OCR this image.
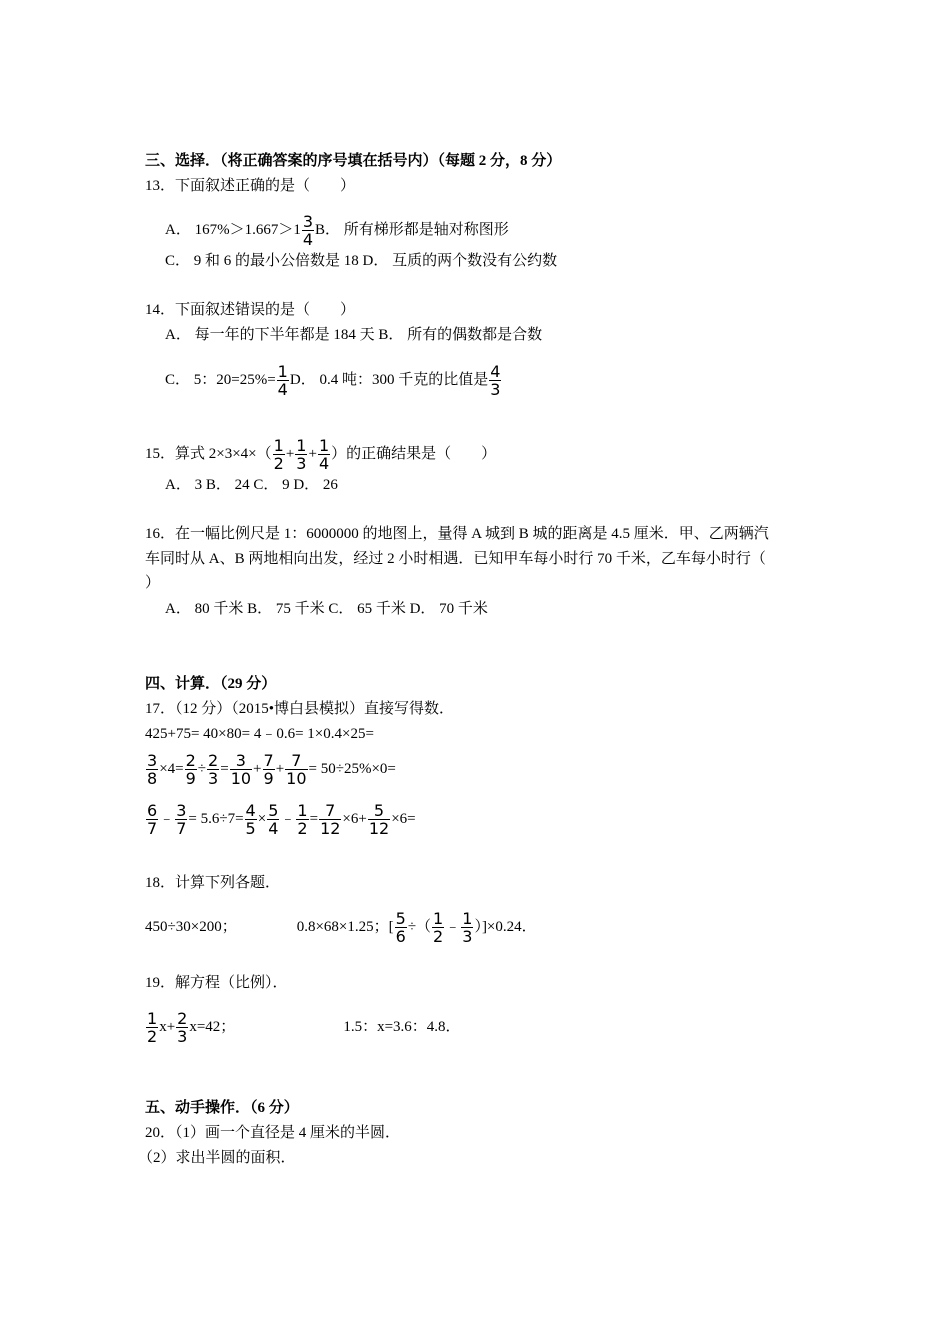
三、选择．（将正确答案的序号填在括号内）（每题 2 分，8 分）
13．下面叙述正确的是（　　）
A． $167\%>1.667>1 \frac{3}{4}$ B． 所有梯形都是轴对称图形
C． 9 和 6 的最小公倍数是 18 D． 互质的两个数没有公约数
14．下面叙述错误的是（　　）
A． 每一年的下半年都是 184 天 B． 所有的偶数都是合数
C． 5：$20=25\%= \frac{1}{4}$ D． 0.4 吨：300 千克的比值是 $\frac{4}{3}$
15．算式 $2\times 3\times 4\times( \frac{1}{2} + \frac{1}{3} + \frac{1}{4}$ ）的正确结果是（　　）
A． 3 B． 24 C． 9 D． 26
16．在一幅比例尺是 1：6000000 的地图上，量得 A 城到 B 城的距离是 4.5 厘米．甲、乙两辆汽
车同时从 A、B 两地相向出发，经过 2 小时相遇．已知甲车每小时行 70 千米，乙车每小时行（
）
A． 80 千米 B． 75 千米 C． 65 千米 D． 70 千米
四、计算．（29 分）
17．（12 分）（2015•博白县模拟）直接写得数．
425+75= 40×80= 4﹣0.6= 1×0.4×25=
$\frac{3}{8} \times 4= \frac{2}{9} \div \frac{2}{3} = \frac{3}{10} + \frac{7}{9} + \frac{7}{10} = 50\div 25\%\times 0=$
$\frac{6}{7}$ ﹣ $\frac{3}{7} = 5.6\div 7= \frac{4}{5} \times \frac{5}{4}$ ﹣ $\frac{1}{2} = \frac{7}{12} \times 6+ \frac{5}{12} \times 6=$
18．计算下列各题．
450÷30×200；	0.8×68×1.25；[ $\frac{5}{6}$ ÷（ $\frac{1}{2}$ ﹣ $\frac{1}{3} )]\times 0.24$．
19．解方程（比例）．
$\frac{1}{2} x+ \frac{2}{3} x=42$；	1.5：x=3.6：4.8．
五、动手操作．（6 分）
20．（1）画一个直径是 4 厘米的半圆．
（2）求出半圆的面积．
